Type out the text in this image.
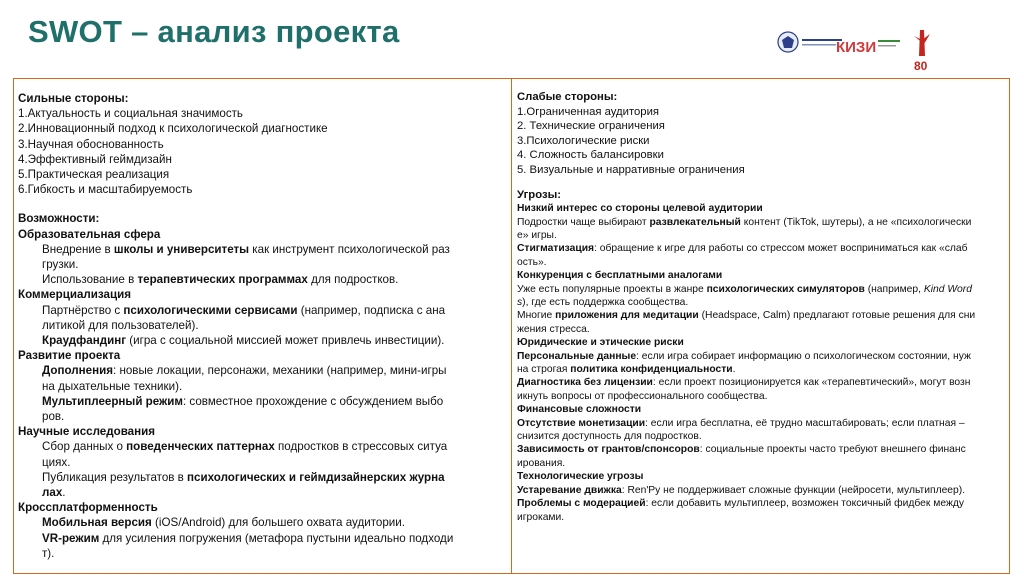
SWOT – анализ проекта	КИЗИ
80
Сильные стороны:
1.Актуальность и социальная значимость
2.Инновационный подход к психологической диагностике
3.Научная обоснованность
4.Эффективный геймдизайн
5.Практическая реализация
6.Гибкость и масштабируемость
Возможности:
Образовательная сфера
Внедрение в школы и университеты как инструмент психологической раз
грузки.
Использование в терапевтических программах для подростков.
Коммерциализация
Партнёрство с психологическими сервисами (например, подписка с ана
литикой для пользователей).
Краудфандинг (игра с социальной миссией может привлечь инвестиции).
Развитие проекта
Дополнения: новые локации, персонажи, механики (например, мини-игры
на дыхательные техники).
Мультиплеерный режим: совместное прохождение с обсуждением выбо
ров.
Научные исследования
Сбор данных о поведенческих паттернах подростков в стрессовых ситуа
циях.
Публикация результатов в психологических и геймдизайнерских журна
лах.
Кроссплатформенность
Мобильная версия (iOS/Android) для большего охвата аудитории.
VR-режим для усиления погружения (метафора пустыни идеально подходи
т).
Слабые стороны:
1.Ограниченная аудитория
2. Технические ограничения
3.Психологические риски
4. Сложность балансировки
5. Визуальные и нарративные ограничения
Угрозы:
Низкий интерес со стороны целевой аудитории
Подростки чаще выбирают развлекательный контент (TikTok, шутеры), а не «психологически
е» игры.
Стигматизация: обращение к игре для работы со стрессом может восприниматься как «слаб
ость».
Конкуренция с бесплатными аналогами
Уже есть популярные проекты в жанре психологических симуляторов (например, Kind Word
s), где есть поддержка сообщества.
Многие приложения для медитации (Headspace, Calm) предлагают готовые решения для сни
жения стресса.
Юридические и этические риски
Персональные данные: если игра собирает информацию о психологическом состоянии, нуж
на строгая политика конфиденциальности.
Диагностика без лицензии: если проект позиционируется как «терапевтический», могут возн
икнуть вопросы от профессионального сообщества.
Финансовые сложности
Отсутствие монетизации: если игра бесплатна, её трудно масштабировать; если платная –
снизится доступность для подростков.
Зависимость от грантов/спонсоров: социальные проекты часто требуют внешнего финанс
ирования.
Технологические угрозы
Устаревание движка: Ren'Py не поддерживает сложные функции (нейросети, мультиплеер).
Проблемы с модерацией: если добавить мультиплеер, возможен токсичный фидбек между
игроками.
